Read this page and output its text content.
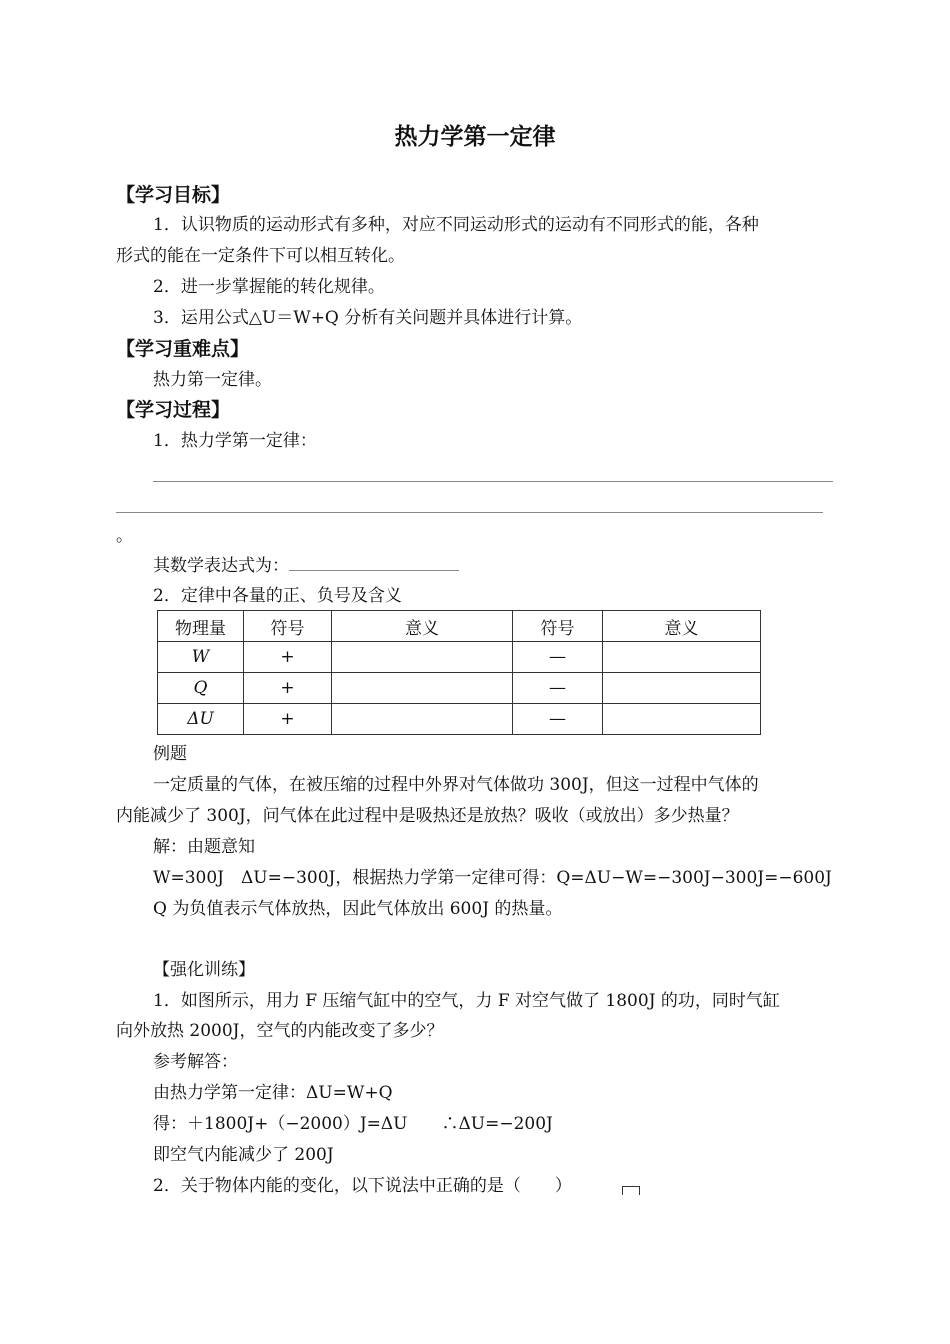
热力学第一定律
【学习目标】
1．认识物质的运动形式有多种，对应不同运动形式的运动有不同形式的能，各种
形式的能在一定条件下可以相互转化。
2．进一步掌握能的转化规律。
3．运用公式△U＝W+Q 分析有关问题并具体进行计算。
【学习重难点】
热力第一定律。
【学习过程】
1．热力学第一定律：
。
其数学表达式为：
2．定律中各量的正、负号及含义
物理量	符号	意义	符号	意义
W	+		—	
Q	+		—	
ΔU	+		—	
例题
一定质量的气体，在被压缩的过程中外界对气体做功 300J，但这一过程中气体的
内能减少了 300J，问气体在此过程中是吸热还是放热？吸收（或放出）多少热量？
解：由题意知
W=300J　ΔU=−300J，根据热力学第一定律可得：Q=ΔU−W=−300J−300J=−600J
Q 为负值表示气体放热，因此气体放出 600J 的热量。
【强化训练】
1．如图所示，用力 F 压缩气缸中的空气，力 F 对空气做了 1800J 的功，同时气缸
向外放热 2000J，空气的内能改变了多少？
参考解答：
由热力学第一定律：ΔU=W+Q
得：＋1800J+（−2000）J=ΔU　　∴ΔU=−200J
即空气内能减少了 200J
2．关于物体内能的变化，以下说法中正确的是（　　）
